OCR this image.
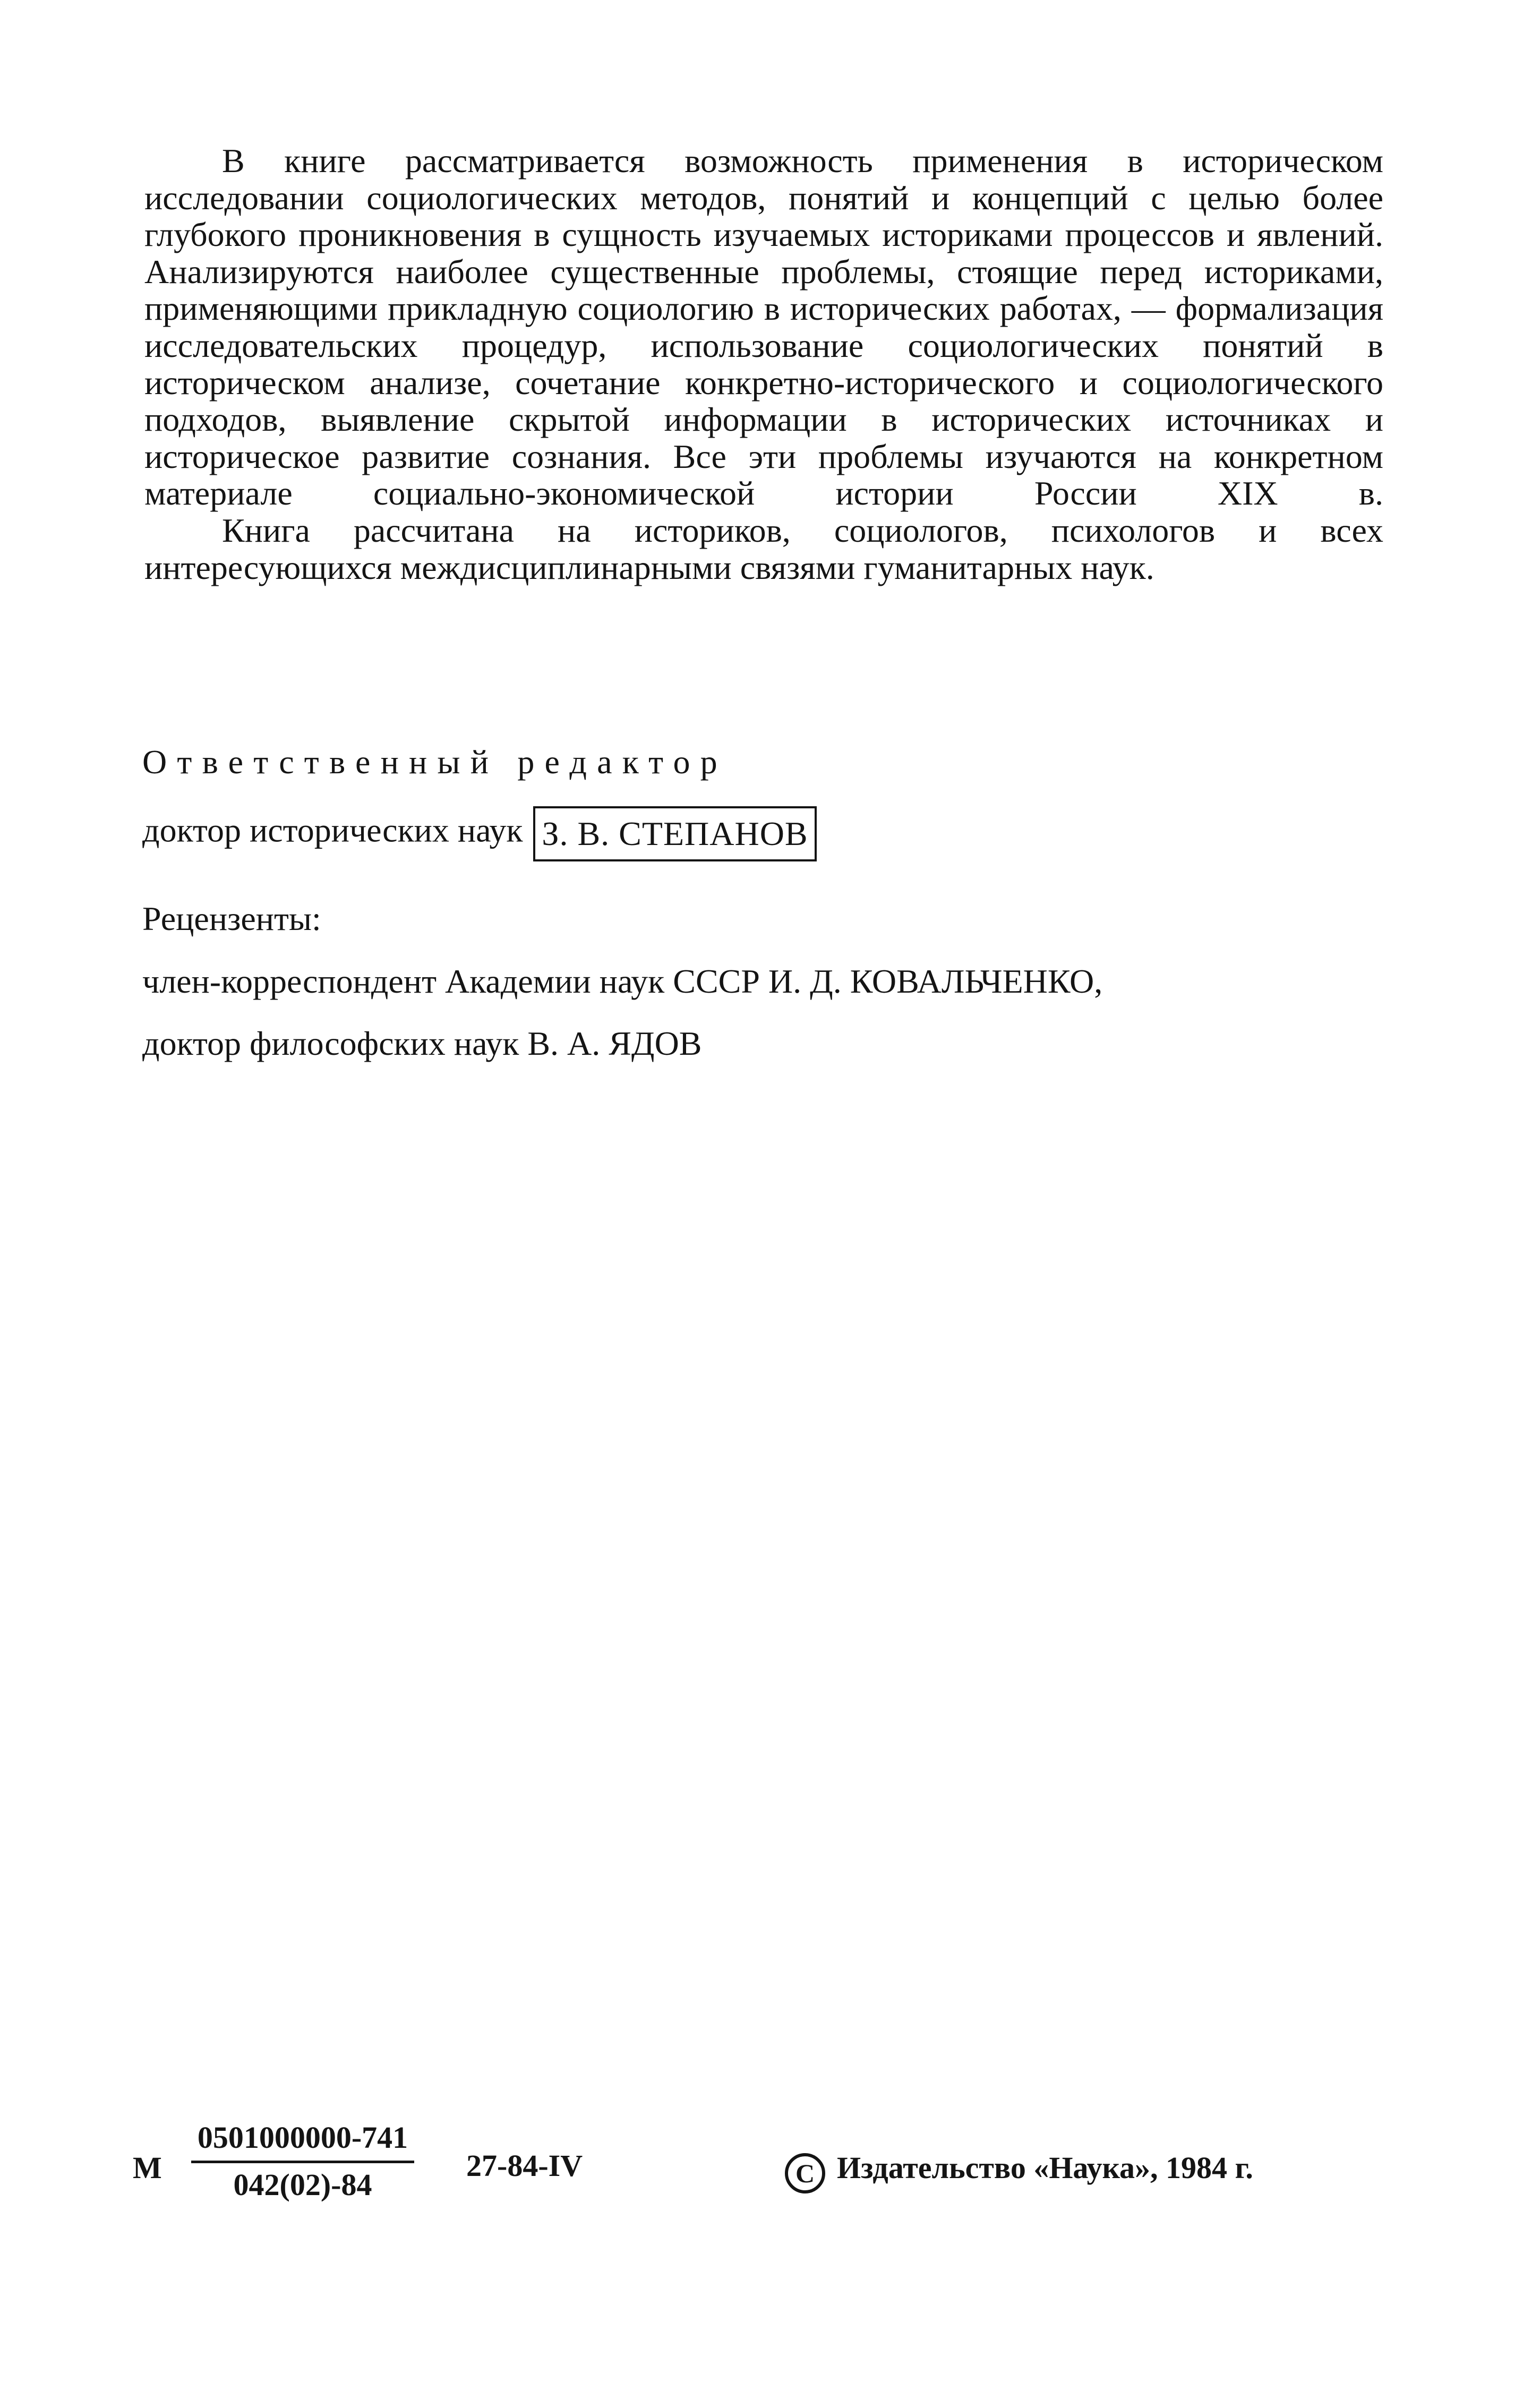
В книге рассматривается возможность применения в историческом исследовании социологических методов, понятий и концепций с целью более глубокого проникновения в сущность изучаемых историками процессов и явлений. Анализируются наиболее существенные проблемы, стоящие перед историками, применяющими прикладную социологию в исторических работах, — формализация исследовательских процедур, использование социологических понятий в историческом анализе, сочетание конкретно-исторического и социологического подходов, выявление скрытой информации в исторических источниках и историческое развитие сознания. Все эти проблемы изучаются на конкретном материале социально-экономической истории России XIX в.

Книга рассчитана на историков, социологов, психологов и всех интересующихся междисциплинарными связями гуманитарных наук.

Ответственный редактор
доктор исторических наук З. В. СТЕПАНОВ
Рецензенты:
член-корреспондент Академии наук СССР И. Д. КОВАЛЬЧЕНКО,
доктор философских наук В. А. ЯДОВ
М
0501000000-741
042(02)-84
27-84-IV	C Издательство «Наука», 1984 г.
